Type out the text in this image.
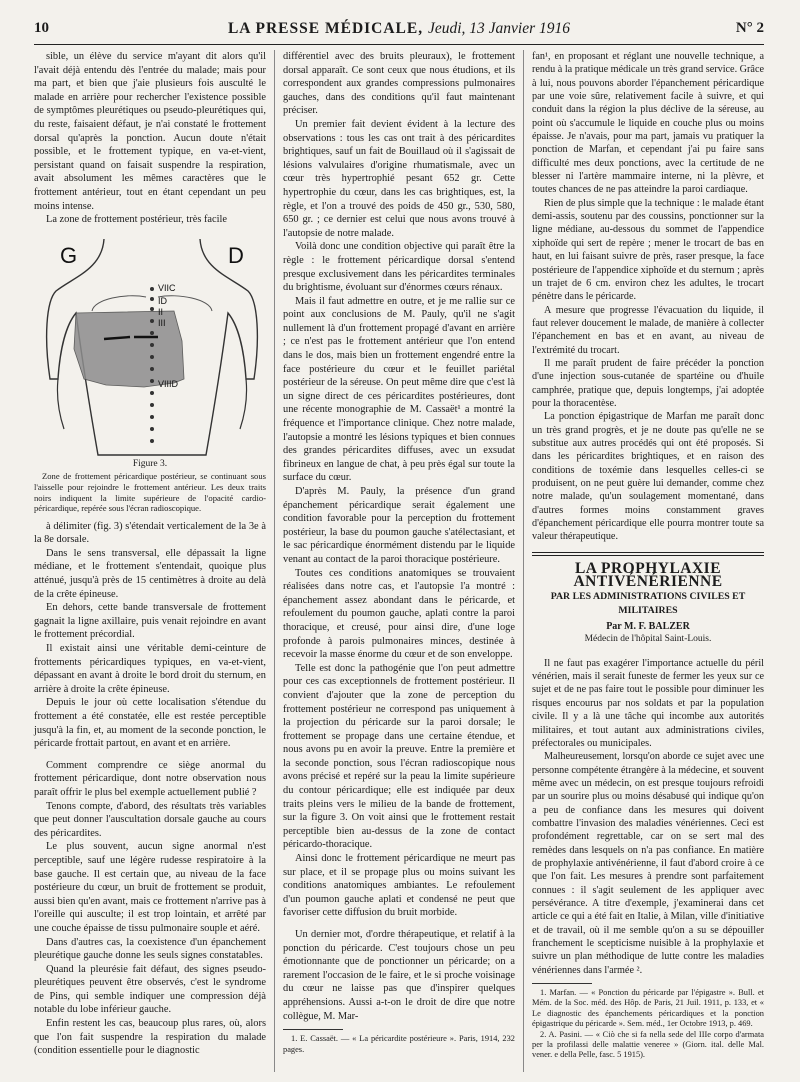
10	LA PRESSE MÉDICALE, Jeudi, 13 Janvier 1916	N° 2

sible, un élève du service m'ayant dit alors qu'il l'avait déjà entendu dès l'entrée du malade; mais pour ma part, et bien que j'aie plusieurs fois ausculté le malade en arrière pour rechercher l'existence possible de symptômes pleurétiques ou pseudo-pleurétiques qui, du reste, faisaient défaut, je n'ai constaté le frottement dorsal qu'après la ponction. Aucun doute n'était possible, et le frottement typique, en va-et-vient, persistant quand on faisait suspendre la respiration, avait absolument les mêmes caractères que le frottement antérieur, tout en étant cependant un peu moins intense.

La zone de frottement postérieur, très facile

G	D
VIIC
ID
II
III
VIIID

Figure 3.

Zone de frottement péricardique postérieur, se continuant sous l'aisselle pour rejoindre le frottement antérieur. Les deux traits noirs indiquent la limite supérieure de l'opacité cardio-péricardique, repérée sous l'écran radioscopique.

à délimiter (fig. 3) s'étendait verticalement de la 3e à la 8e dorsale.

Dans le sens transversal, elle dépassait la ligne médiane, et le frottement s'entendait, quoique plus atténué, jusqu'à près de 15 centimètres à droite au delà de la crête épineuse.

En dehors, cette bande transversale de frottement gagnait la ligne axillaire, puis venait rejoindre en avant le frottement précordial.

Il existait ainsi une véritable demi-ceinture de frottements péricardiques typiques, en va-et-vient, dépassant en avant à droite le bord droit du sternum, en arrière à droite la crête épineuse.

Depuis le jour où cette localisation s'étendue du frottement a été constatée, elle est restée perceptible jusqu'à la fin, et, au moment de la seconde ponction, le péricarde frottait partout, en avant et en arrière.

Comment comprendre ce siège anormal du frottement péricardique, dont notre observation nous paraît offrir le plus bel exemple actuellement publié ?

Tenons compte, d'abord, des résultats très variables que peut donner l'auscultation dorsale gauche au cours des péricardites.

Le plus souvent, aucun signe anormal n'est perceptible, sauf une légère rudesse respiratoire à la base gauche. Il est certain que, au niveau de la face postérieure du cœur, un bruit de frottement se produit, aussi bien qu'en avant, mais ce frottement n'arrive pas à l'oreille qui ausculte; il est trop lointain, et arrêté par une couche épaisse de tissu pulmonaire souple et aéré.

Dans d'autres cas, la coexistence d'un épanchement pleurétique gauche donne les seuls signes constatables.

Quand la pleurésie fait défaut, des signes pseudo-pleurétiques peuvent être observés, c'est le syndrome de Pins, qui semble indiquer une compression déjà notable du lobe inférieur gauche.

Enfin restent les cas, beaucoup plus rares, où, alors que l'on fait suspendre la respiration du malade (condition essentielle pour le diagnostic

différentiel avec des bruits pleuraux), le frottement dorsal apparaît. Ce sont ceux que nous étudions, et ils correspondent aux grandes compressions pulmonaires gauches, dans des conditions qu'il faut maintenant préciser.

Un premier fait devient évident à la lecture des observations : tous les cas ont trait à des péricardites brightiques, sauf un fait de Bouillaud où il s'agissait de lésions valvulaires d'origine rhumatismale, avec un cœur très hypertrophié pesant 652 gr. Cette hypertrophie du cœur, dans les cas brightiques, est, la règle, et l'on a trouvé des poids de 450 gr., 530, 580, 650 gr. ; ce dernier est celui que nous avons trouvé à l'autopsie de notre malade.

Voilà donc une condition objective qui paraît être la règle : le frottement péricardique dorsal s'entend presque exclusivement dans les péricardites terminales du brightisme, évoluant sur d'énormes cœurs rénaux.

Mais il faut admettre en outre, et je me rallie sur ce point aux conclusions de M. Pauly, qu'il ne s'agit nullement là d'un frottement propagé d'avant en arrière ; ce n'est pas le frottement antérieur que l'on entend dans le dos, mais bien un frottement engendré entre la face postérieure du cœur et le feuillet pariétal postérieur de la séreuse. On peut même dire que c'est là un signe direct de ces péricardites postérieures, dont une récente monographie de M. Cassaët¹ a montré la fréquence et l'importance clinique. Chez notre malade, l'autopsie a montré les lésions typiques et bien connues des grandes péricardites diffuses, avec un exsudat fibrineux en langue de chat, à peu près égal sur toute la surface du cœur.

D'après M. Pauly, la présence d'un grand épanchement péricardique serait également une condition favorable pour la perception du frottement postérieur, la base du poumon gauche s'atélectasiant, et le sac péricardique énormément distendu par le liquide venant au contact de la paroi thoracique postérieure.

Toutes ces conditions anatomiques se trouvaient réalisées dans notre cas, et l'autopsie l'a montré : épanchement assez abondant dans le péricarde, et refoulement du poumon gauche, aplati contre la paroi thoracique, et creusé, pour ainsi dire, d'une loge profonde à parois pulmonaires minces, destinée à recevoir la masse énorme du cœur et de son enveloppe.

Telle est donc la pathogénie que l'on peut admettre pour ces cas exceptionnels de frottement postérieur. Il convient d'ajouter que la zone de perception du frottement postérieur ne correspond pas uniquement à la projection du péricarde sur la paroi dorsale; le frottement se propage dans une certaine étendue, et nous avons pu en avoir la preuve. Entre la première et la seconde ponction, sous l'écran radioscopique nous avons précisé et repéré sur la peau la limite supérieure du contour péricardique; elle est indiquée par deux traits pleins vers le milieu de la bande de frottement, sur la figure 3. On voit ainsi que le frottement restait perceptible bien au-dessus de la zone de contact péricardo-thoracique.

Ainsi donc le frottement péricardique ne meurt pas sur place, et il se propage plus ou moins suivant les conditions anatomiques ambiantes. Le refoulement d'un poumon gauche aplati et condensé ne peut que favoriser cette diffusion du bruit morbide.

Un dernier mot, d'ordre thérapeutique, et relatif à la ponction du péricarde. C'est toujours chose un peu émotionnante que de ponctionner un péricarde; on a rarement l'occasion de le faire, et le si proche voisinage du cœur ne laisse pas que d'inspirer quelques appréhensions. Aussi a-t-on le droit de dire que notre collègue, M. Mar-

1. E. Cassaët. — « La péricardite postérieure ». Paris, 1914, 232 pages.

fan¹, en proposant et réglant une nouvelle technique, a rendu à la pratique médicale un très grand service. Grâce à lui, nous pouvons aborder l'épanchement péricardique par une voie sûre, relativement facile à suivre, et qui conduit dans la région la plus déclive de la séreuse, au point où s'accumule le liquide en couche plus ou moins épaisse. Je n'avais, pour ma part, jamais vu pratiquer la ponction de Marfan, et cependant j'ai pu faire sans difficulté mes deux ponctions, avec la certitude de ne blesser ni l'artère mammaire interne, ni la plèvre, et toutes chances de ne pas atteindre la paroi cardiaque.

Rien de plus simple que la technique : le malade étant demi-assis, soutenu par des coussins, ponctionner sur la ligne médiane, au-dessous du sommet de l'appendice xiphoïde qui sert de repère ; mener le trocart de bas en haut, en lui faisant suivre de près, raser presque, la face postérieure de l'appendice xiphoïde et du sternum ; après un trajet de 6 cm. environ chez les adultes, le trocart pénètre dans le péricarde.

A mesure que progresse l'évacuation du liquide, il faut relever doucement le malade, de manière à collecter l'épanchement en bas et en avant, au niveau de l'extrémité du trocart.

Il me paraît prudent de faire précéder la ponction d'une injection sous-cutanée de spartéine ou d'huile camphrée, pratique que, depuis longtemps, j'ai adoptée pour la thoracentèse.

La ponction épigastrique de Marfan me paraît donc un très grand progrès, et je ne doute pas qu'elle ne se substitue aux autres procédés qui ont été proposés. Si dans les péricardites brightiques, et en raison des conditions de toxémie dans lesquelles celles-ci se produisent, on ne peut guère lui demander, comme chez notre malade, qu'un soulagement momentané, dans d'autres formes moins constamment graves d'épanchement péricardique elle pourra montrer toute sa valeur thérapeutique.

LA PROPHYLAXIE ANTIVÉNÉRIENNE

PAR LES ADMINISTRATIONS CIVILES ET MILITAIRES

Par M. F. BALZER

Médecin de l'hôpital Saint-Louis.

Il ne faut pas exagérer l'importance actuelle du péril vénérien, mais il serait funeste de fermer les yeux sur ce sujet et de ne pas faire tout le possible pour diminuer les risques encourus par nos soldats et par la population civile. Il y a là une tâche qui incombe aux autorités militaires, et tout autant aux administrations civiles, préfectorales ou municipales.

Malheureusement, lorsqu'on aborde ce sujet avec une personne compétente étrangère à la médecine, et souvent même avec un médecin, on est presque toujours refroidi par un sourire plus ou moins désabusé qui indique qu'on a peu de confiance dans les mesures qui doivent combattre l'invasion des maladies vénériennes. Ceci est profondément regrettable, car on se sert mal des remèdes dans lesquels on n'a pas confiance. En matière de prophylaxie antivénérienne, il faut d'abord croire à ce que l'on fait. Les mesures à prendre sont parfaitement connues : il s'agit seulement de les appliquer avec persévérance. A titre d'exemple, j'examinerai dans cet article ce qui a été fait en Italie, à Milan, ville d'initiative et de travail, où il me semble qu'on a su se dépouiller franchement le scepticisme nuisible à la prophylaxie et suivre un plan méthodique de lutte contre les maladies vénériennes dans l'armée ².

1. Marfan. — « Ponction du péricarde par l'épigastre ». Bull. et Mém. de la Soc. méd. des Hôp. de Paris, 21 Juil. 1911, p. 133, et « Le diagnostic des épanchements péricardiques et la ponction épigastrique du péricarde ». Sem. méd., 1er Octobre 1913, p. 469.

2. A. Pasini. — « Ciò che si fa nella sede del IIIe corpo d'armata per la profilassi delle malattie veneree » (Giorn. ital. delle Mal. vener. e della Pelle, fasc. 5 1915).
